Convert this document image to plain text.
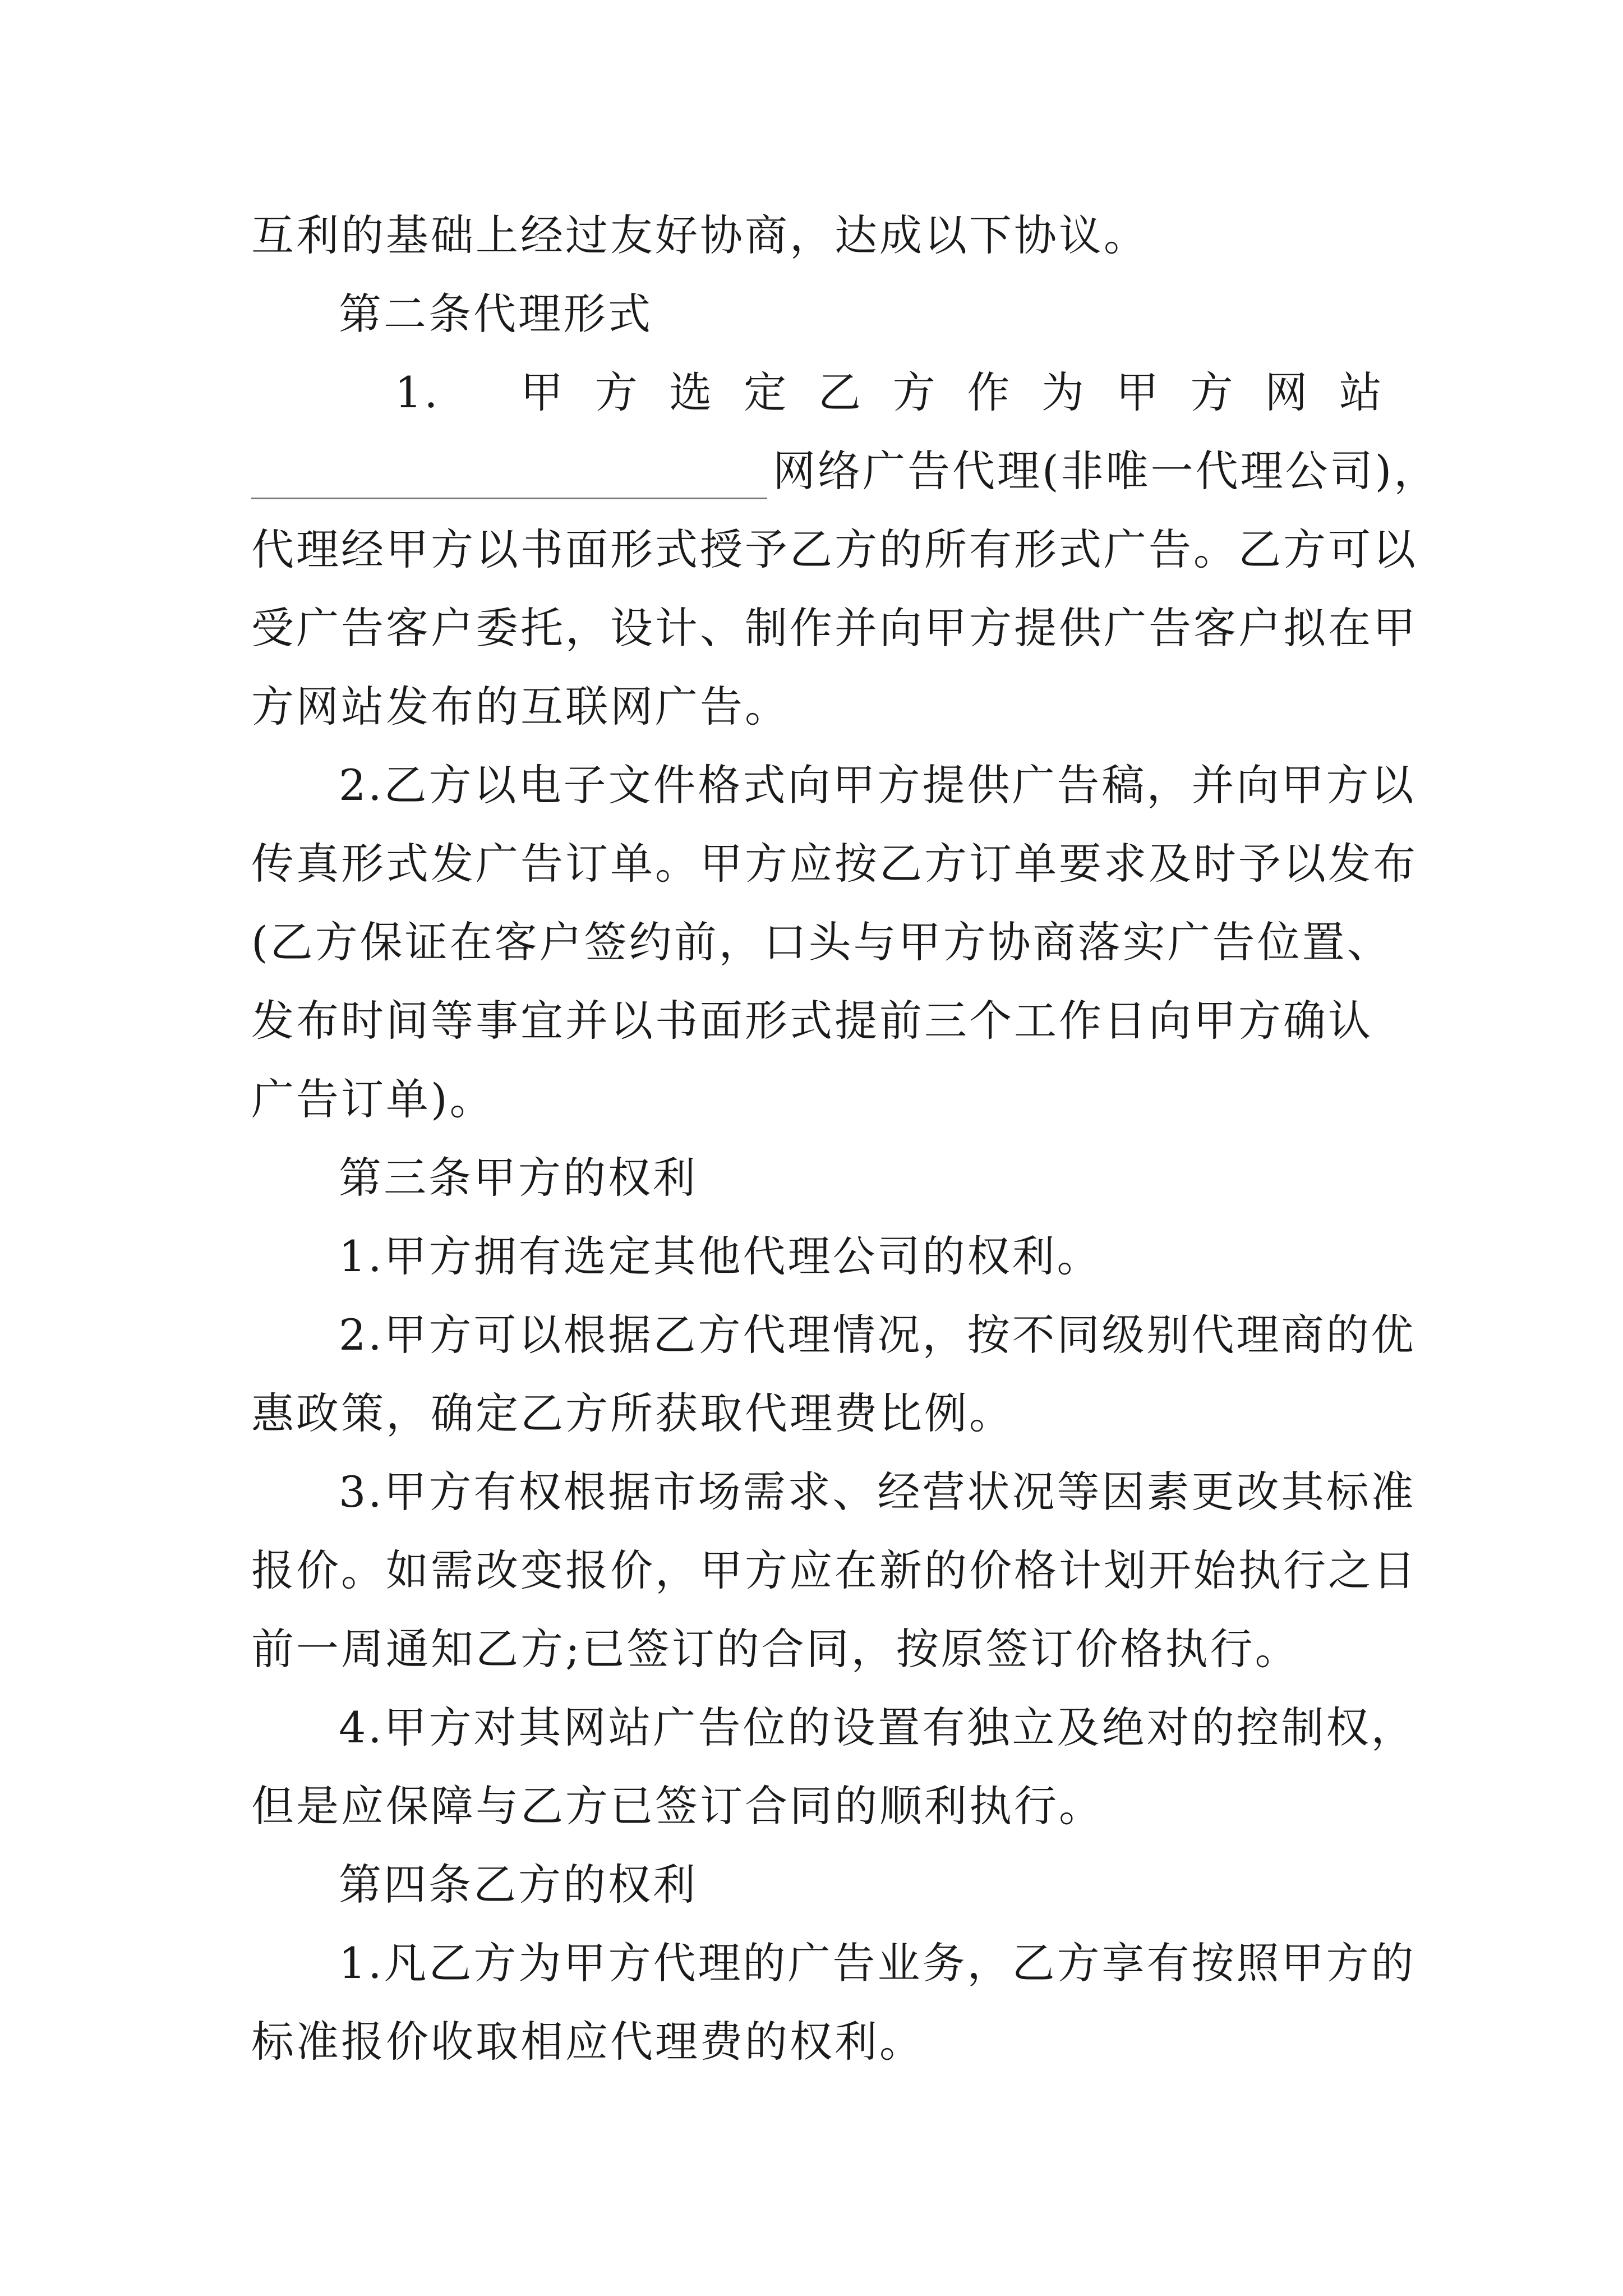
互利的基础上经过友好协商，达成以下协议。
第二条代理形式
1. 甲 方 选 定 乙 方 作 为 甲 方 网 站
网络广告代理(非唯一代理公司)，
代理经甲方以书面形式授予乙方的所有形式广告。乙方可以
受广告客户委托，设计、制作并向甲方提供广告客户拟在甲
方网站发布的互联网广告。
2.乙方以电子文件格式向甲方提供广告稿，并向甲方以
传真形式发广告订单。甲方应按乙方订单要求及时予以发布
(乙方保证在客户签约前，口头与甲方协商落实广告位置、
发布时间等事宜并以书面形式提前三个工作日向甲方确认
广告订单)。
第三条甲方的权利
1.甲方拥有选定其他代理公司的权利。
2.甲方可以根据乙方代理情况，按不同级别代理商的优
惠政策，确定乙方所获取代理费比例。
3.甲方有权根据市场需求、经营状况等因素更改其标准
报价。如需改变报价，甲方应在新的价格计划开始执行之日
前一周通知乙方;已签订的合同，按原签订价格执行。
4.甲方对其网站广告位的设置有独立及绝对的控制权，
但是应保障与乙方已签订合同的顺利执行。
第四条乙方的权利
1.凡乙方为甲方代理的广告业务，乙方享有按照甲方的
标准报价收取相应代理费的权利。
